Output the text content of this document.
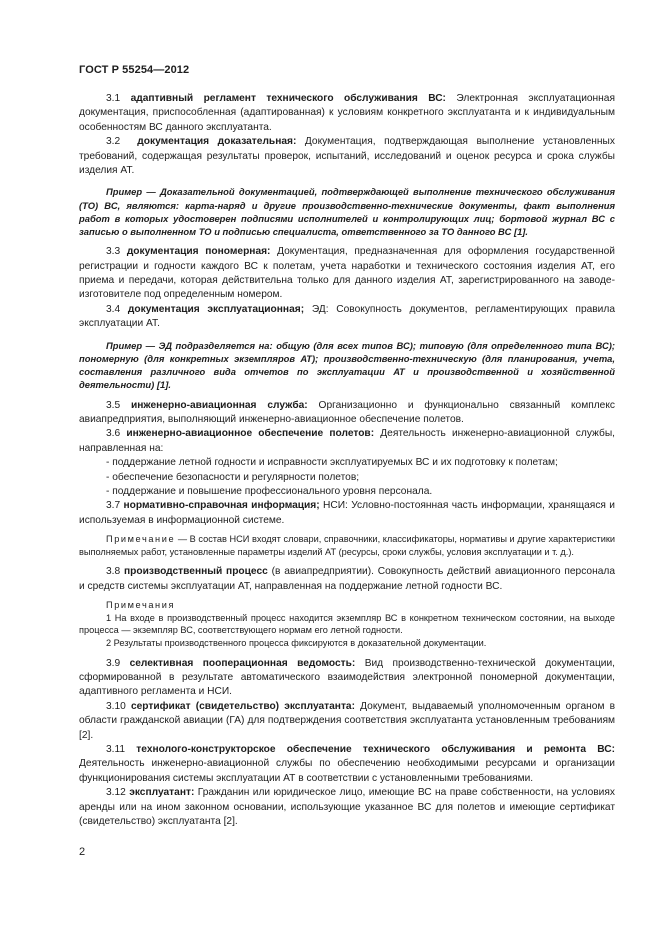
ГОСТ Р 55254—2012

3.1 адаптивный регламент технического обслуживания ВС: Электронная эксплуатационная документация, приспособленная (адаптированная) к условиям конкретного эксплуатанта и к индивидуальным особенностям ВС данного эксплуатанта.

3.2 документация доказательная: Документация, подтверждающая выполнение установленных требований, содержащая результаты проверок, испытаний, исследований и оценок ресурса и срока службы изделия АТ.

Пример — Доказательной документацией, подтверждающей выполнение технического обслуживания (ТО) ВС, являются: карта-наряд и другие производственно-технические документы, факт выполнения работ в которых удостоверен подписями исполнителей и контролирующих лиц; бортовой журнал ВС с записью о выполненном ТО и подписью специалиста, ответственного за ТО данного ВС [1].

3.3 документация пономерная: Документация, предназначенная для оформления государственной регистрации и годности каждого ВС к полетам, учета наработки и технического состояния изделия АТ, его приема и передачи, которая действительна только для данного изделия АТ, зарегистрированного на заводе-изготовителе под определенным номером.

3.4 документация эксплуатационная; ЭД: Совокупность документов, регламентирующих правила эксплуатации АТ.

Пример — ЭД подразделяется на: общую (для всех типов ВС); типовую (для определенного типа ВС); пономерную (для конкретных экземпляров АТ); производственно-техническую (для планирования, учета, составления различного вида отчетов по эксплуатации АТ и производственной и хозяйственной деятельности) [1].

3.5 инженерно-авиационная служба: Организационно и функционально связанный комплекс авиапредприятия, выполняющий инженерно-авиационное обеспечение полетов.

3.6 инженерно-авиационное обеспечение полетов: Деятельность инженерно-авиационной службы, направленная на:

- поддержание летной годности и исправности эксплуатируемых ВС и их подготовку к полетам;

- обеспечение безопасности и регулярности полетов;

- поддержание и повышение профессионального уровня персонала.

3.7 нормативно-справочная информация; НСИ: Условно-постоянная часть информации, хранящаяся и используемая в информационной системе.

Примечание — В состав НСИ входят словари, справочники, классификаторы, нормативы и другие характеристики выполняемых работ, установленные параметры изделий АТ (ресурсы, сроки службы, условия эксплуатации и т. д.).

3.8 производственный процесс (в авиапредприятии). Совокупность действий авиационного персонала и средств системы эксплуатации АТ, направленная на поддержание летной годности ВС.

Примечания

1 На входе в производственный процесс находится экземпляр ВС в конкретном техническом состоянии, на выходе процесса — экземпляр ВС, соответствующего нормам его летной годности.

2 Результаты производственного процесса фиксируются в доказательной документации.

3.9 селективная пооперационная ведомость: Вид производственно-технической документации, сформированной в результате автоматического взаимодействия электронной пономерной документации, адаптивного регламента и НСИ.

3.10 сертификат (свидетельство) эксплуатанта: Документ, выдаваемый уполномоченным органом в области гражданской авиации (ГА) для подтверждения соответствия эксплуатанта установленным требованиям [2].

3.11 технолого-конструкторское обеспечение технического обслуживания и ремонта ВС: Деятельность инженерно-авиационной службы по обеспечению необходимыми ресурсами и организации функционирования системы эксплуатации АТ в соответствии с установленными требованиями.

3.12 эксплуатант: Гражданин или юридическое лицо, имеющие ВС на праве собственности, на условиях аренды или на ином законном основании, использующие указанное ВС для полетов и имеющие сертификат (свидетельство) эксплуатанта [2].

2
